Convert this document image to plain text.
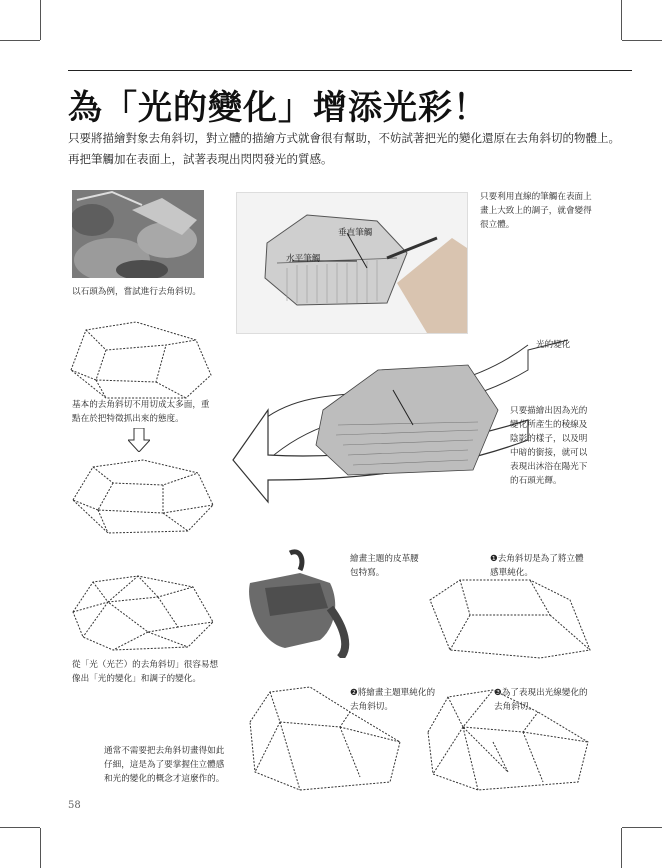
為「光的變化」增添光彩！
只要將描繪對象去角斜切，對立體的描繪方式就會很有幫助，不妨試著把光的變化還原在去角斜切的物體上。再把筆觸加在表面上，試著表現出閃閃發光的質感。
以石頭為例，嘗試進行去角斜切。
垂直筆觸
水平筆觸
只要利用直線的筆觸在表面上畫上大致上的調子，就會變得很立體。
基本的去角斜切不用切成太多面，重點在於把特徵抓出來的態度。
從「光（光芒）的去角斜切」很容易想像出「光的變化」和調子的變化。
光的變化
只要描繪出因為光的變化所產生的稜線及陰影的樣子，以及明中暗的銜接，就可以表現出沐浴在陽光下的石頭光輝。
繪畫主題的皮革腰包特寫。
❶去角斜切是為了將立體感單純化。
❷將繪畫主題單純化的去角斜切。
❸為了表現出光線變化的去角斜切。
通常不需要把去角斜切畫得如此仔細，這是為了要掌握住立體感和光的變化的概念才這麼作的。
58
